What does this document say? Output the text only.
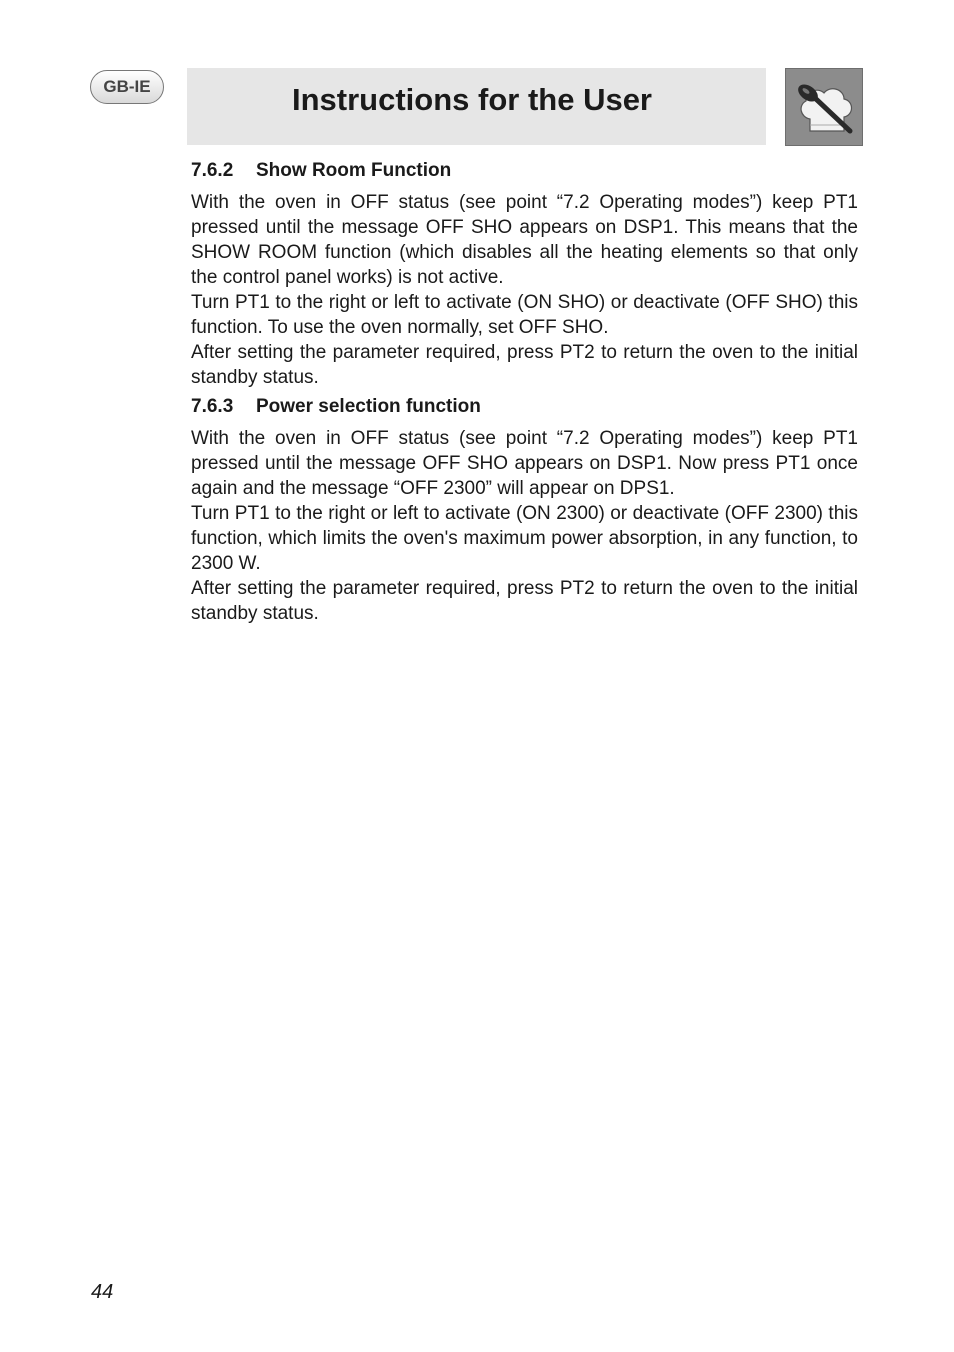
GB-IE	Instructions for the User

7.6.2 Show Room Function

With the oven in OFF status (see point “7.2 Operating modes”) keep PT1 pressed until the message OFF SHO appears on DSP1. This means that the SHOW ROOM function (which disables all the heating elements so that only the control panel works) is not active.

Turn PT1 to the right or left to activate (ON SHO) or deactivate (OFF SHO) this function. To use the oven normally, set OFF SHO.

After setting the parameter required, press PT2 to return the oven to the initial standby status.

7.6.3 Power selection function

With the oven in OFF status (see point “7.2 Operating modes”) keep PT1 pressed until the message OFF SHO appears on DSP1. Now press PT1 once again and the message “OFF 2300” will appear on DPS1.

Turn PT1 to the right or left to activate (ON 2300) or deactivate (OFF 2300) this function, which limits the oven's maximum power absorption, in any function, to 2300 W.

After setting the parameter required, press PT2 to return the oven to the initial standby status.

44
